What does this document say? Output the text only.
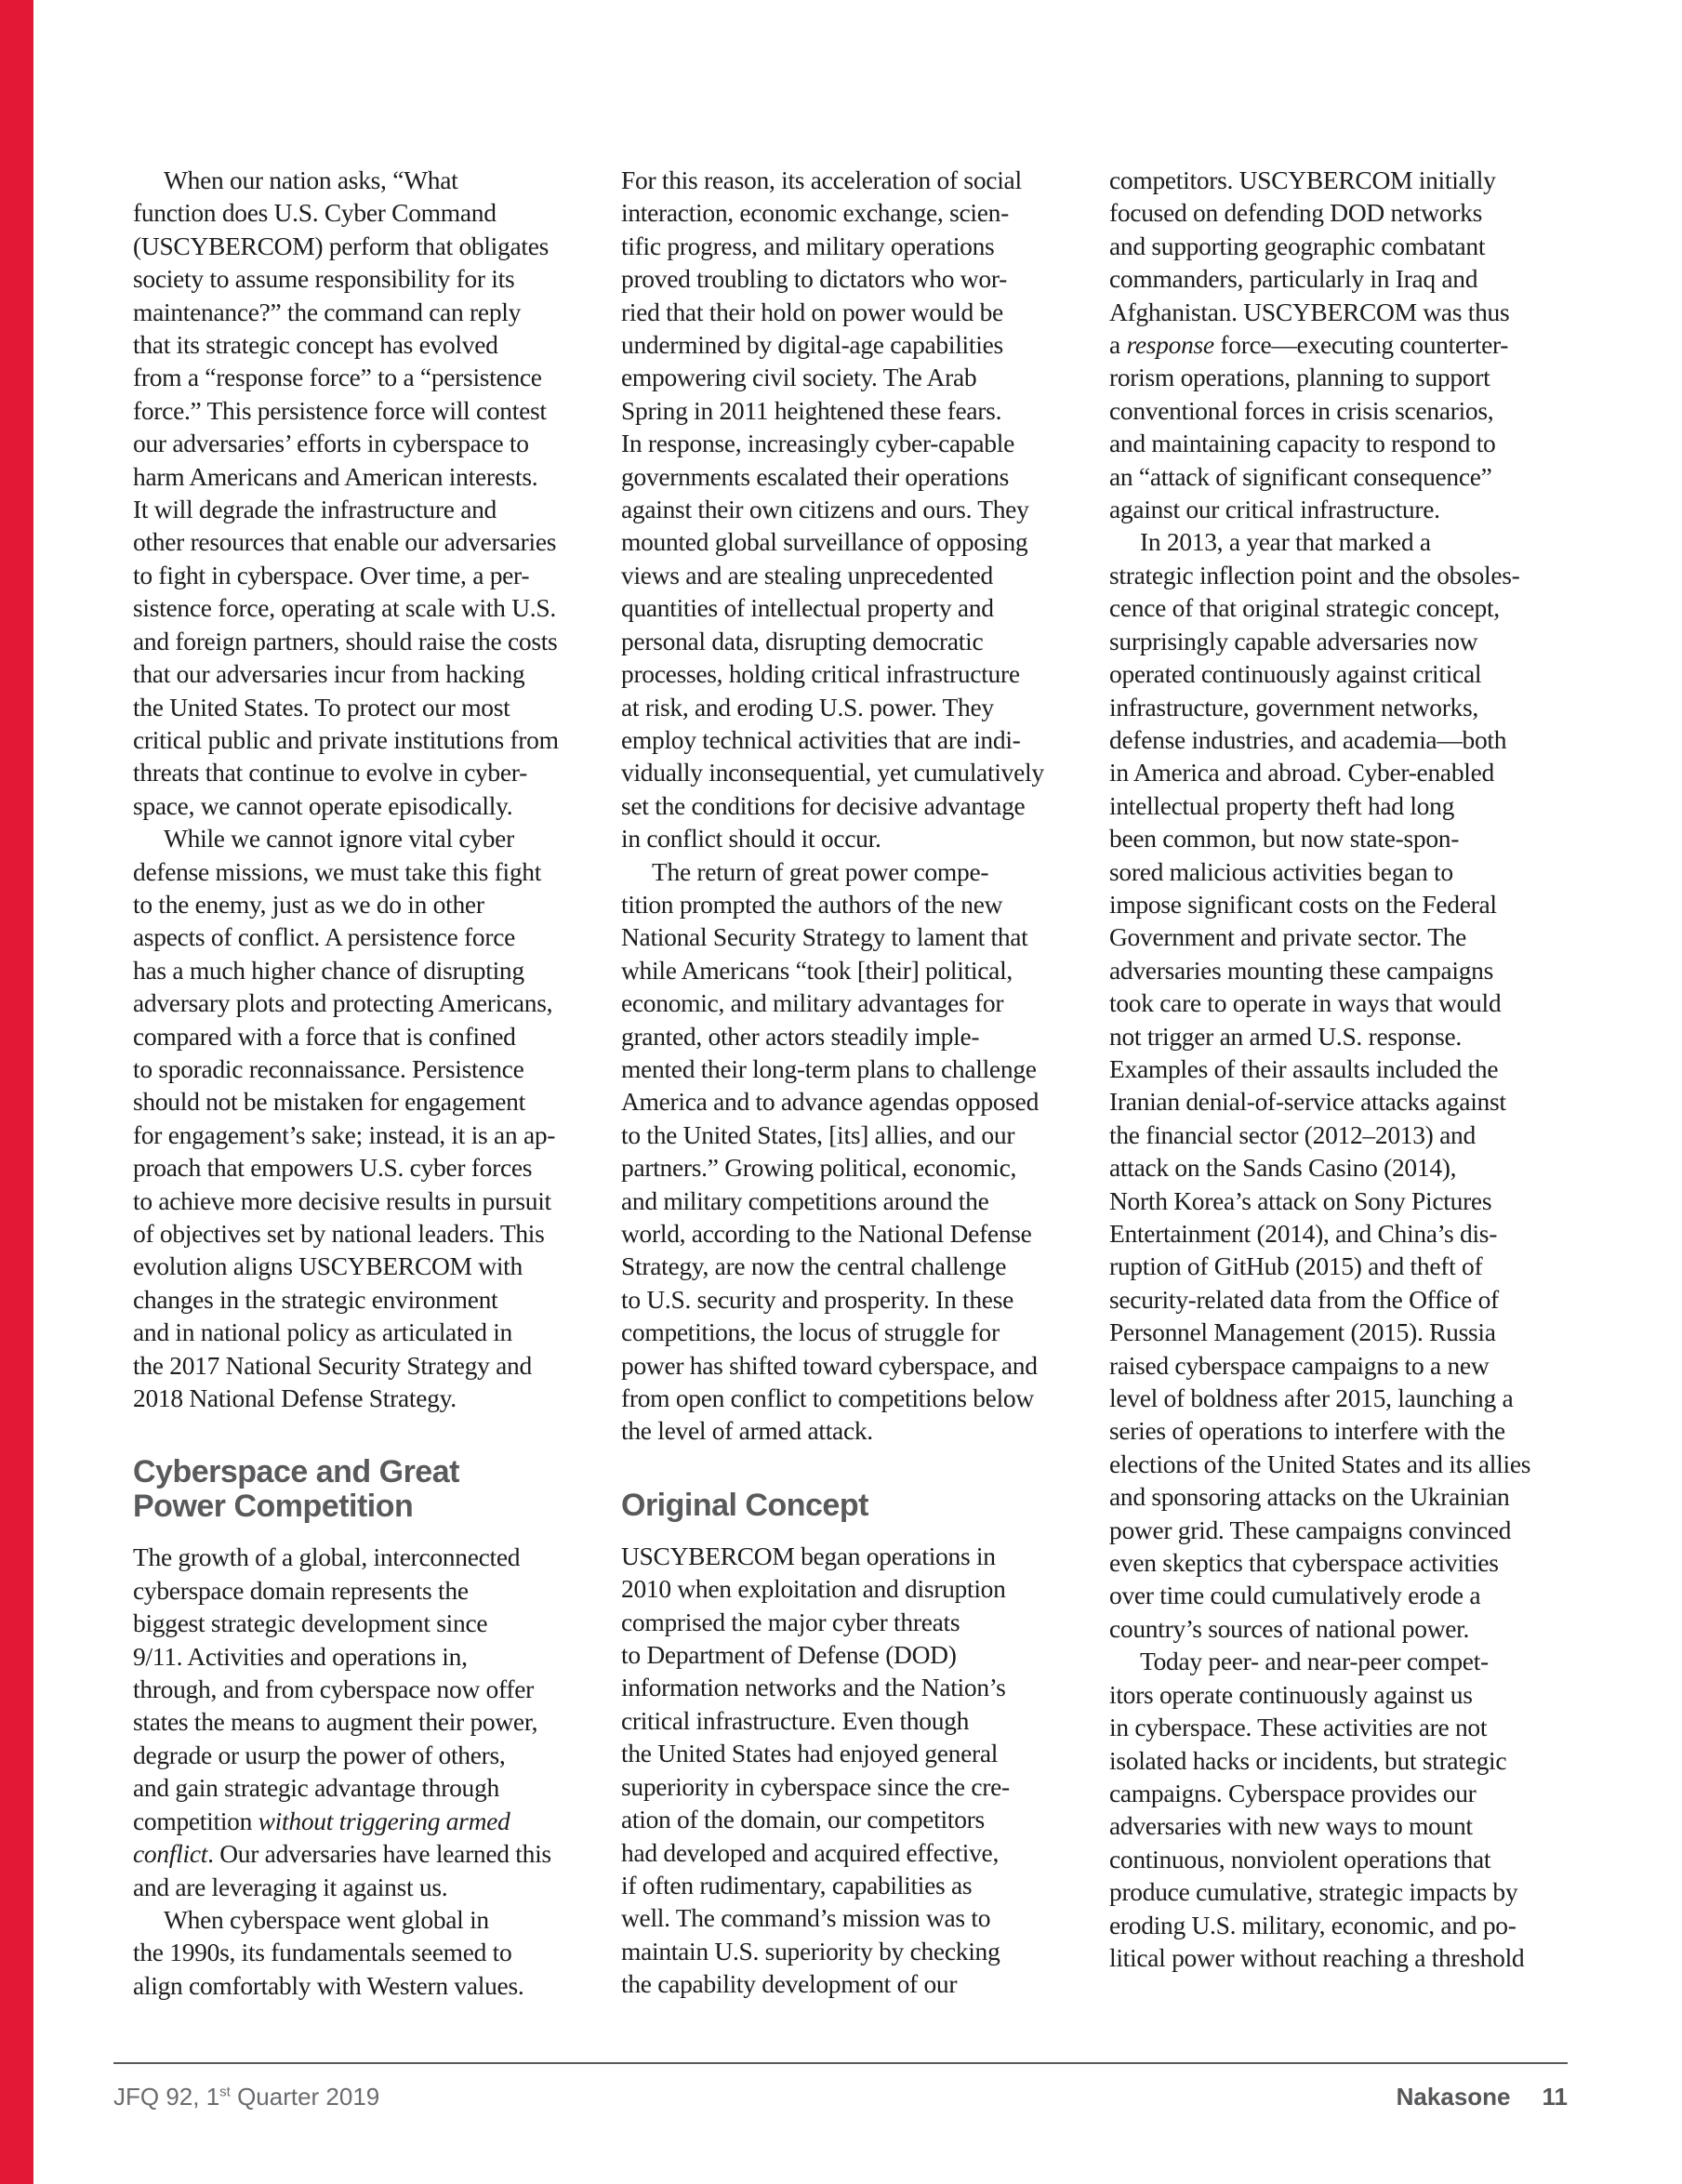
When our nation asks, “What
function does U.S. Cyber Command
(USCYBERCOM) perform that obligates
society to assume responsibility for its
maintenance?” the command can reply
that its strategic concept has evolved
from a “response force” to a “persistence
force.” This persistence force will contest
our adversaries’ efforts in cyberspace to
harm Americans and American interests.
It will degrade the infrastructure and
other resources that enable our adversaries
to fight in cyberspace. Over time, a per-
sistence force, operating at scale with U.S.
and foreign partners, should raise the costs
that our adversaries incur from hacking
the United States. To protect our most
critical public and private institutions from
threats that continue to evolve in cyber-
space, we cannot operate episodically.
While we cannot ignore vital cyber
defense missions, we must take this fight
to the enemy, just as we do in other
aspects of conflict. A persistence force
has a much higher chance of disrupting
adversary plots and protecting Americans,
compared with a force that is confined
to sporadic reconnaissance. Persistence
should not be mistaken for engagement
for engagement’s sake; instead, it is an ap-
proach that empowers U.S. cyber forces
to achieve more decisive results in pursuit
of objectives set by national leaders. This
evolution aligns USCYBERCOM with
changes in the strategic environment
and in national policy as articulated in
the 2017 National Security Strategy and
2018 National Defense Strategy.
Cyberspace and Great
Power Competition
The growth of a global, interconnected
cyberspace domain represents the
biggest strategic development since
9/11. Activities and operations in,
through, and from cyberspace now offer
states the means to augment their power,
degrade or usurp the power of others,
and gain strategic advantage through
competition without triggering armed
conflict. Our adversaries have learned this
and are leveraging it against us.
When cyberspace went global in
the 1990s, its fundamentals seemed to
align comfortably with Western values.
For this reason, its acceleration of social
interaction, economic exchange, scien-
tific progress, and military operations
proved troubling to dictators who wor-
ried that their hold on power would be
undermined by digital-age capabilities
empowering civil society. The Arab
Spring in 2011 heightened these fears.
In response, increasingly cyber-capable
governments escalated their operations
against their own citizens and ours. They
mounted global surveillance of opposing
views and are stealing unprecedented
quantities of intellectual property and
personal data, disrupting democratic
processes, holding critical infrastructure
at risk, and eroding U.S. power. They
employ technical activities that are indi-
vidually inconsequential, yet cumulatively
set the conditions for decisive advantage
in conflict should it occur.
The return of great power compe-
tition prompted the authors of the new
National Security Strategy to lament that
while Americans “took [their] political,
economic, and military advantages for
granted, other actors steadily imple-
mented their long-term plans to challenge
America and to advance agendas opposed
to the United States, [its] allies, and our
partners.” Growing political, economic,
and military competitions around the
world, according to the National Defense
Strategy, are now the central challenge
to U.S. security and prosperity. In these
competitions, the locus of struggle for
power has shifted toward cyberspace, and
from open conflict to competitions below
the level of armed attack.
Original Concept
USCYBERCOM began operations in
2010 when exploitation and disruption
comprised the major cyber threats
to Department of Defense (DOD)
information networks and the Nation’s
critical infrastructure. Even though
the United States had enjoyed general
superiority in cyberspace since the cre-
ation of the domain, our competitors
had developed and acquired effective,
if often rudimentary, capabilities as
well. The command’s mission was to
maintain U.S. superiority by checking
the capability development of our
competitors. USCYBERCOM initially
focused on defending DOD networks
and supporting geographic combatant
commanders, particularly in Iraq and
Afghanistan. USCYBERCOM was thus
a response force—executing counterter-
rorism operations, planning to support
conventional forces in crisis scenarios,
and maintaining capacity to respond to
an “attack of significant consequence”
against our critical infrastructure.
In 2013, a year that marked a
strategic inflection point and the obsoles-
cence of that original strategic concept,
surprisingly capable adversaries now
operated continuously against critical
infrastructure, government networks,
defense industries, and academia—both
in America and abroad. Cyber-enabled
intellectual property theft had long
been common, but now state-spon-
sored malicious activities began to
impose significant costs on the Federal
Government and private sector. The
adversaries mounting these campaigns
took care to operate in ways that would
not trigger an armed U.S. response.
Examples of their assaults included the
Iranian denial-of-service attacks against
the financial sector (2012–2013) and
attack on the Sands Casino (2014),
North Korea’s attack on Sony Pictures
Entertainment (2014), and China’s dis-
ruption of GitHub (2015) and theft of
security-related data from the Office of
Personnel Management (2015). Russia
raised cyberspace campaigns to a new
level of boldness after 2015, launching a
series of operations to interfere with the
elections of the United States and its allies
and sponsoring attacks on the Ukrainian
power grid. These campaigns convinced
even skeptics that cyberspace activities
over time could cumulatively erode a
country’s sources of national power.
Today peer- and near-peer compet-
itors operate continuously against us
in cyberspace. These activities are not
isolated hacks or incidents, but strategic
campaigns. Cyberspace provides our
adversaries with new ways to mount
continuous, nonviolent operations that
produce cumulative, strategic impacts by
eroding U.S. military, economic, and po-
litical power without reaching a threshold
JFQ 92, 1st Quarter 2019	Nakasone 11
